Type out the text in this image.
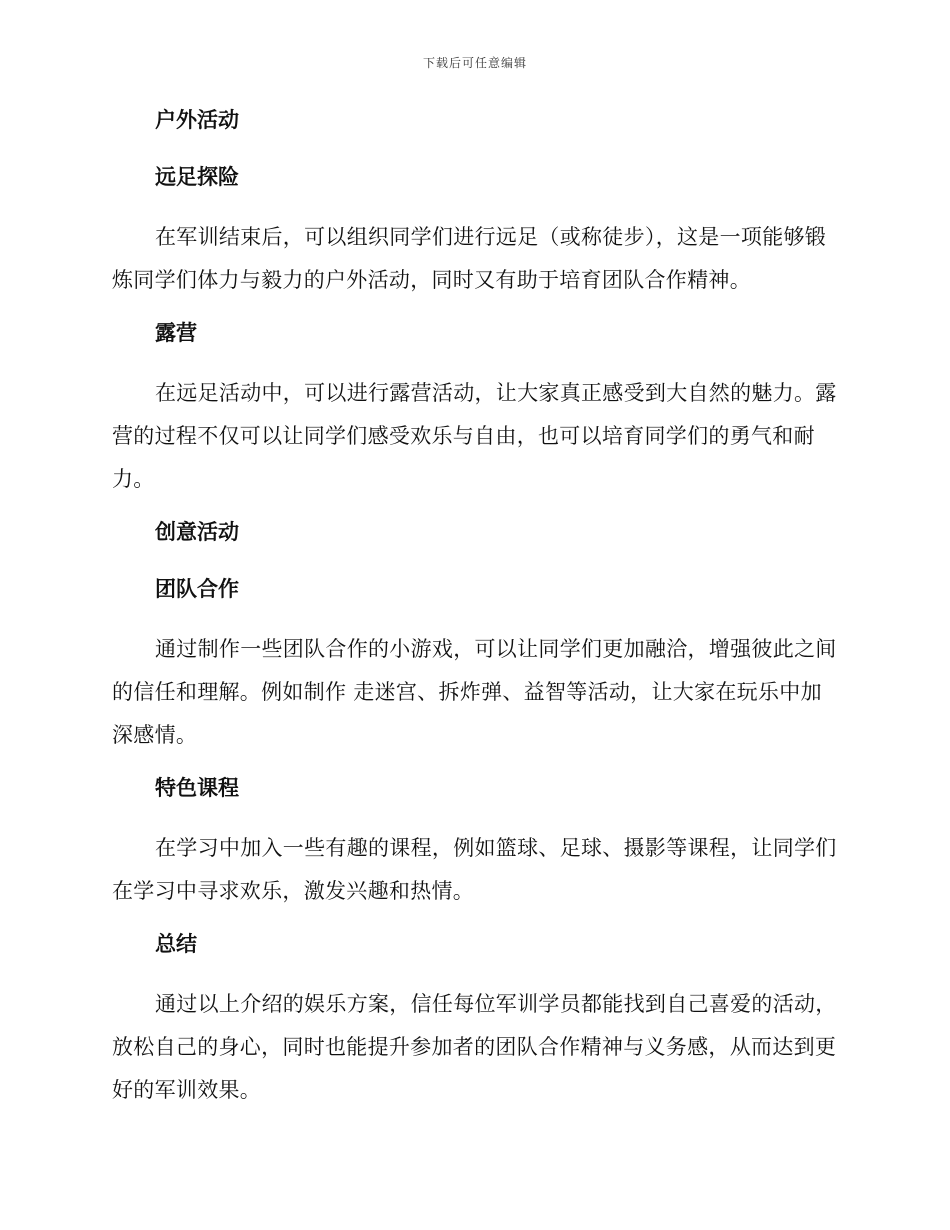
下载后可任意编辑
户外活动
远足探险

在军训结束后，可以组织同学们进行远足（或称徒步），这是一项能够锻炼同学们体力与毅力的户外活动，同时又有助于培育团队合作精神。

露营

在远足活动中，可以进行露营活动，让大家真正感受到大自然的魅力。露营的过程不仅可以让同学们感受欢乐与自由，也可以培育同学们的勇气和耐力。

创意活动
团队合作

通过制作一些团队合作的小游戏，可以让同学们更加融洽，增强彼此之间的信任和理解。例如制作 走迷宫、拆炸弹、益智等活动，让大家在玩乐中加深感情。

特色课程

在学习中加入一些有趣的课程，例如篮球、足球、摄影等课程，让同学们在学习中寻求欢乐，激发兴趣和热情。

总结

通过以上介绍的娱乐方案，信任每位军训学员都能找到自己喜爱的活动，放松自己的身心，同时也能提升参加者的团队合作精神与义务感，从而达到更好的军训效果。
